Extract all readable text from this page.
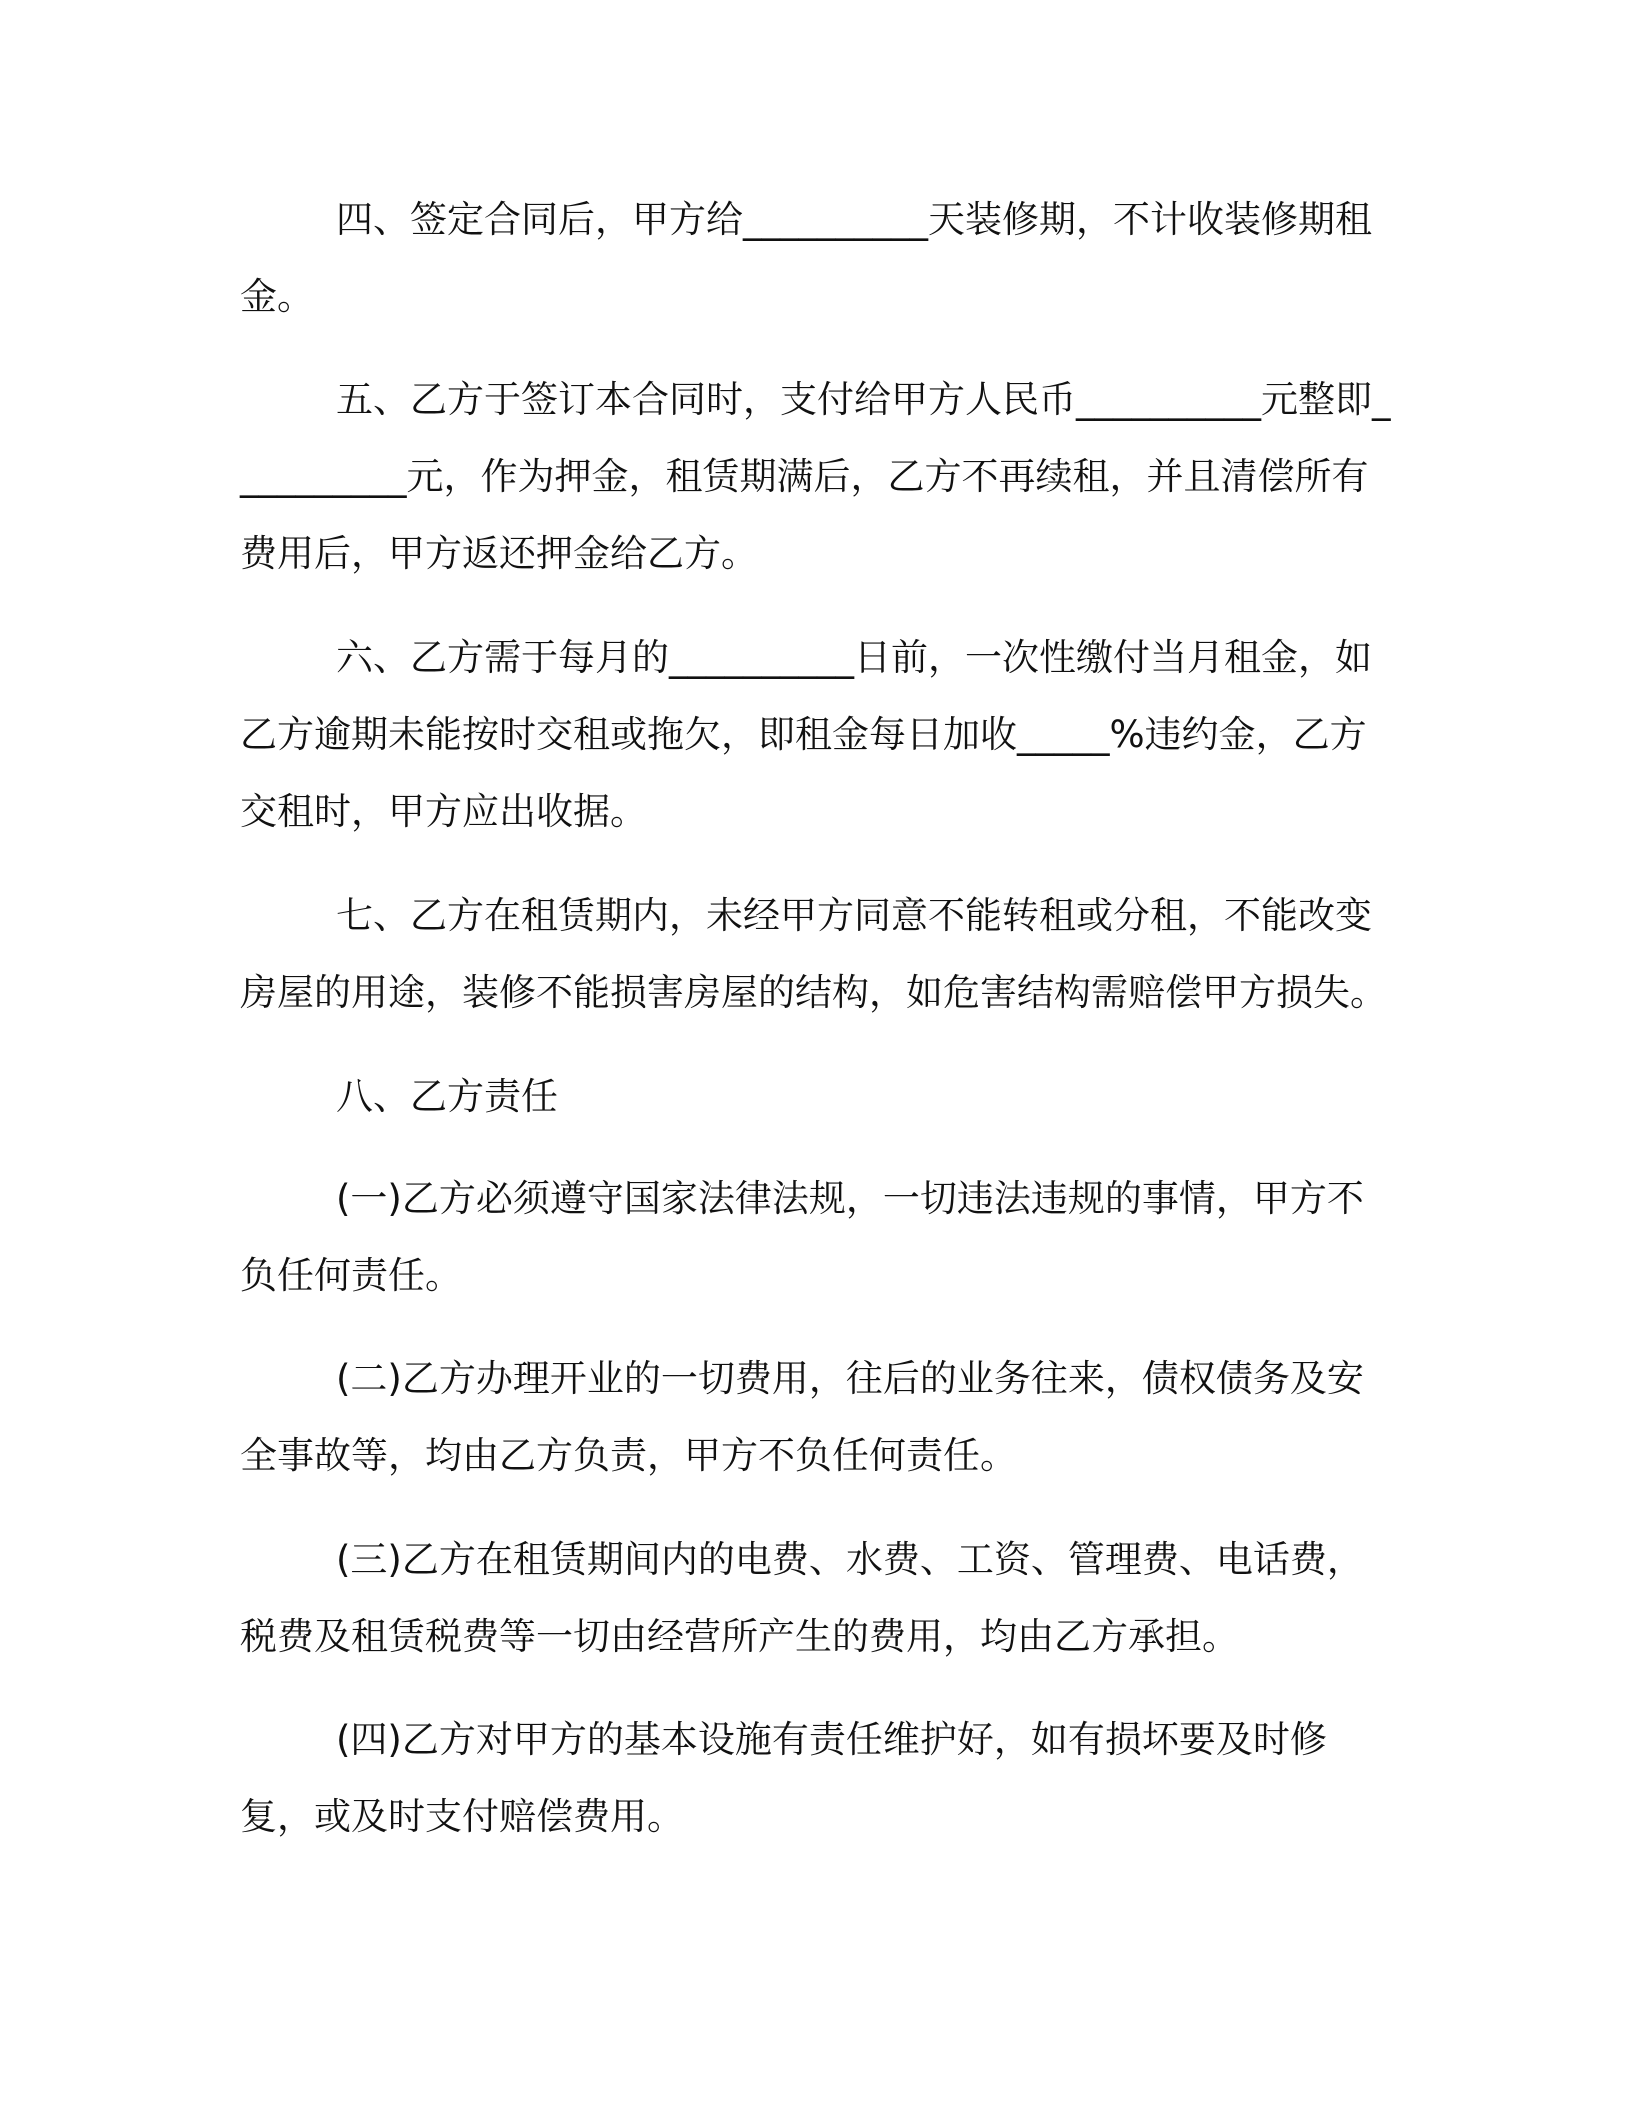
四、签定合同后，甲方给__________天装修期，不计收装修期租金。

五、乙方于签订本合同时，支付给甲方人民币__________元整即__________元，作为押金，租赁期满后，乙方不再续租，并且清偿所有费用后，甲方返还押金给乙方。

六、乙方需于每月的__________日前，一次性缴付当月租金，如乙方逾期未能按时交租或拖欠，即租金每日加收_____%违约金，乙方交租时，甲方应出收据。

七、乙方在租赁期内，未经甲方同意不能转租或分租，不能改变房屋的用途，装修不能损害房屋的结构，如危害结构需赔偿甲方损失。

八、乙方责任

(一)乙方必须遵守国家法律法规，一切违法违规的事情，甲方不负任何责任。

(二)乙方办理开业的一切费用，往后的业务往来，债权债务及安全事故等，均由乙方负责，甲方不负任何责任。

(三)乙方在租赁期间内的电费、水费、工资、管理费、电话费，税费及租赁税费等一切由经营所产生的费用，均由乙方承担。

(四)乙方对甲方的基本设施有责任维护好，如有损坏要及时修复，或及时支付赔偿费用。
